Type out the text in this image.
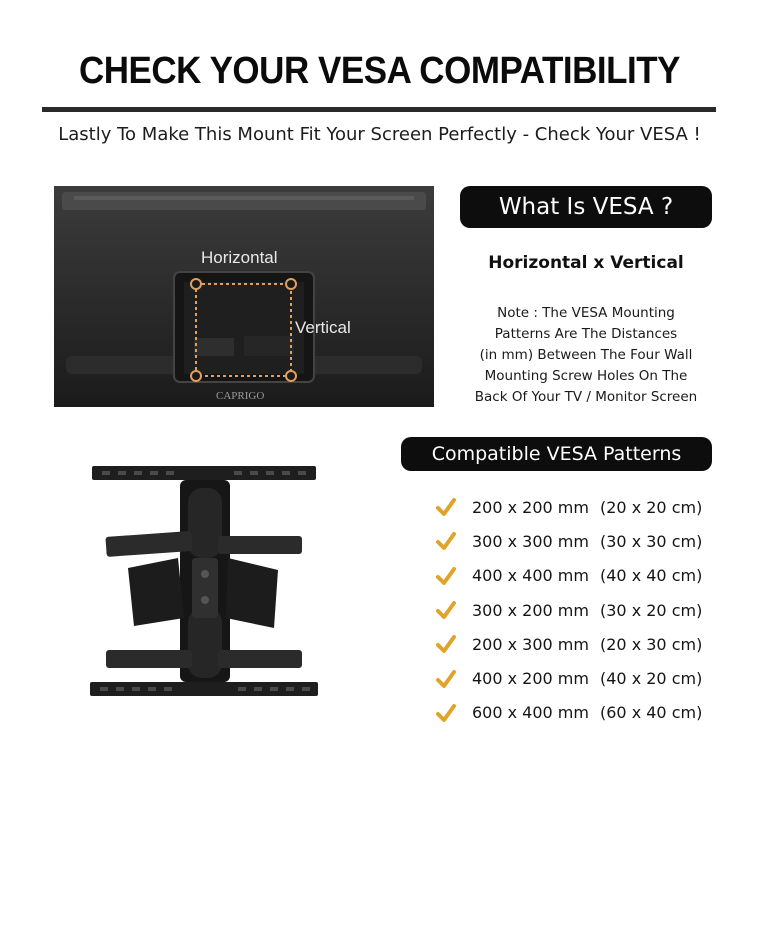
CHECK YOUR VESA COMPATIBILITY
Lastly To Make This Mount Fit Your Screen Perfectly - Check Your VESA !
Horizontal
Vertical
CAPRIGO
What Is VESA ?
Horizontal x Vertical
Note : The VESA Mounting
Patterns Are The Distances
(in mm) Between The Four Wall
Mounting Screw Holes On The
Back Of Your TV / Monitor Screen
Compatible VESA Patterns
200 x 200 mm (20 x 20 cm)
300 x 300 mm (30 x 30 cm)
400 x 400 mm (40 x 40 cm)
300 x 200 mm (30 x 20 cm)
200 x 300 mm (20 x 30 cm)
400 x 200 mm (40 x 20 cm)
600 x 400 mm (60 x 40 cm)
